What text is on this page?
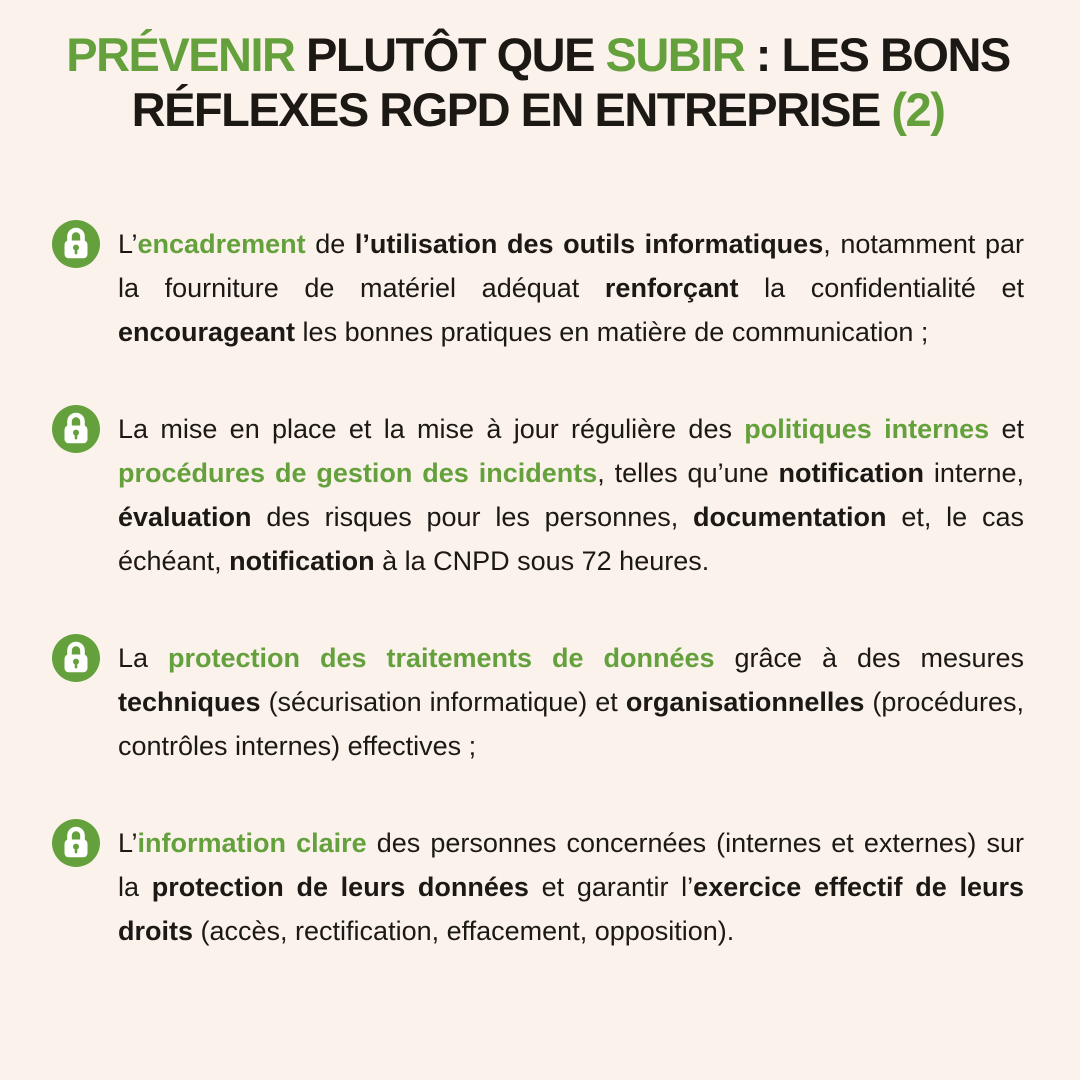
PRÉVENIR PLUTÔT QUE SUBIR : LES BONS
RÉFLEXES RGPD EN ENTREPRISE (2)

L’encadrement de l’utilisation des outils informatiques, notamment par la fourniture de matériel adéquat renforçant la confidentialité et encourageant les bonnes pratiques en matière de communication ;

La mise en place et la mise à jour régulière des politiques internes et procédures de gestion des incidents, telles qu’une notification interne, évaluation des risques pour les personnes, documentation et, le cas échéant, notification à la CNPD sous 72 heures.

La protection des traitements de données grâce à des mesures techniques (sécurisation informatique) et organisationnelles (procédures, contrôles internes) effectives ;

L’information claire des personnes concernées (internes et externes) sur la protection de leurs données et garantir l’exercice effectif de leurs droits (accès, rectification, effacement, opposition).
